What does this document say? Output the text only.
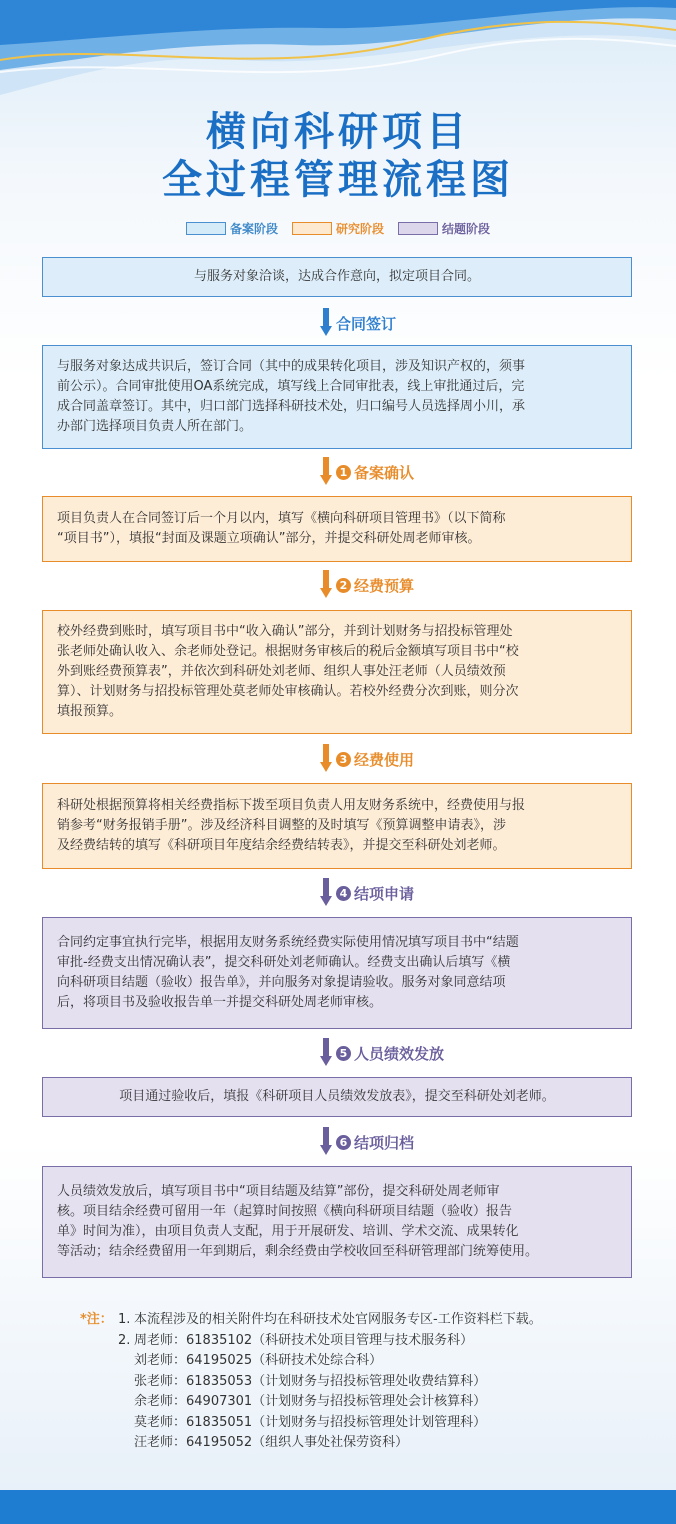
横向科研项目
全过程管理流程图
备案阶段	研究阶段	结题阶段
与服务对象洽谈，达成合作意向，拟定项目合同。
合同签订
与服务对象达成共识后，签订合同（其中的成果转化项目，涉及知识产权的，须事
前公示）。合同审批使用OA系统完成，填写线上合同审批表，线上审批通过后，完
成合同盖章签订。其中，归口部门选择科研技术处，归口编号人员选择周小川，承
办部门选择项目负责人所在部门。
1 备案确认
项目负责人在合同签订后一个月以内，填写《横向科研项目管理书》（以下简称
“项目书”），填报“封面及课题立项确认”部分，并提交科研处周老师审核。
2 经费预算
校外经费到账时，填写项目书中“收入确认”部分，并到计划财务与招投标管理处
张老师处确认收入、余老师处登记。根据财务审核后的税后金额填写项目书中“校
外到账经费预算表”，并依次到科研处刘老师、组织人事处汪老师（人员绩效预
算）、计划财务与招投标管理处莫老师处审核确认。若校外经费分次到账，则分次
填报预算。
3 经费使用
科研处根据预算将相关经费指标下拨至项目负责人用友财务系统中，经费使用与报
销参考“财务报销手册”。涉及经济科目调整的及时填写《预算调整申请表》，涉
及经费结转的填写《科研项目年度结余经费结转表》，并提交至科研处刘老师。
4 结项申请
合同约定事宜执行完毕，根据用友财务系统经费实际使用情况填写项目书中“结题
审批-经费支出情况确认表”，提交科研处刘老师确认。经费支出确认后填写《横
向科研项目结题（验收）报告单》，并向服务对象提请验收。服务对象同意结项
后，将项目书及验收报告单一并提交科研处周老师审核。
5 人员绩效发放
项目通过验收后，填报《科研项目人员绩效发放表》，提交至科研处刘老师。
6 结项归档
人员绩效发放后，填写项目书中“项目结题及结算”部份，提交科研处周老师审
核。项目结余经费可留用一年（起算时间按照《横向科研项目结题（验收）报告
单》时间为准），由项目负责人支配，用于开展研发、培训、学术交流、成果转化
等活动；结余经费留用一年到期后，剩余经费由学校收回至科研管理部门统筹使用。
*注： 1. 本流程涉及的相关附件均在科研技术处官网服务专区-工作资料栏下载。
2. 周老师：61835102（科研技术处项目管理与技术服务科）
刘老师：64195025（科研技术处综合科）
张老师：61835053（计划财务与招投标管理处收费结算科）
余老师：64907301（计划财务与招投标管理处会计核算科）
莫老师：61835051（计划财务与招投标管理处计划管理科）
汪老师：64195052（组织人事处社保劳资科）
